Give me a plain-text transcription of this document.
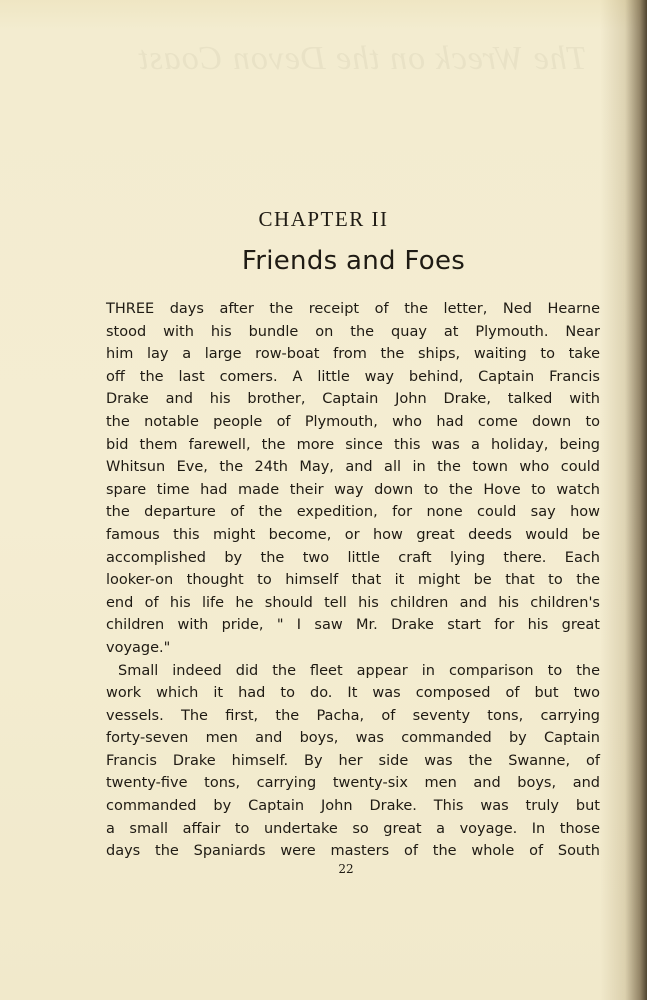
The Wreck on the Devon Coast
CHAPTER II
Friends and Foes
THREE days after the receipt of the letter, Ned Hearne
stood with his bundle on the quay at Plymouth. Near
him lay a large row-boat from the ships, waiting to take
off the last comers. A little way behind, Captain Francis
Drake and his brother, Captain John Drake, talked with
the notable people of Plymouth, who had come down to
bid them farewell, the more since this was a holiday, being
Whitsun Eve, the 24th May, and all in the town who could
spare time had made their way down to the Hove to watch
the departure of the expedition, for none could say how
famous this might become, or how great deeds would be
accomplished by the two little craft lying there. Each
looker-on thought to himself that it might be that to the
end of his life he should tell his children and his children's
children with pride, " I saw Mr. Drake start for his great
voyage."
Small indeed did the fleet appear in comparison to the
work which it had to do. It was composed of but two
vessels. The first, the Pacha, of seventy tons, carrying
forty-seven men and boys, was commanded by Captain
Francis Drake himself. By her side was the Swanne, of
twenty-five tons, carrying twenty-six men and boys, and
commanded by Captain John Drake. This was truly but
a small affair to undertake so great a voyage. In those
days the Spaniards were masters of the whole of South
22
